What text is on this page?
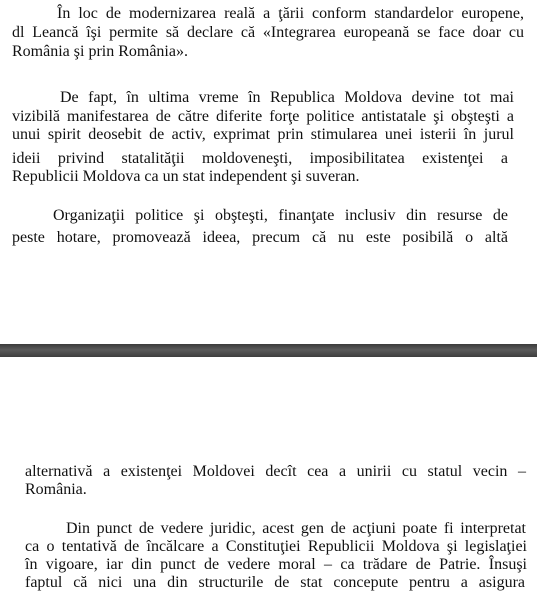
În loc de modernizarea reală a ţării conform standardelor europene,
dl Leancă îşi permite să declare că «Integrarea europeană se face doar cu
România şi prin România».
De fapt, în ultima vreme în Republica Moldova devine tot mai
vizibilă manifestarea de către diferite forţe politice antistatale şi obşteşti a
unui spirit deosebit de activ, exprimat prin stimularea unei isterii în jurul
ideii privind statalităţii moldoveneşti, imposibilitatea existenţei a
Republicii Moldova ca un stat independent şi suveran.
Organizaţii politice şi obşteşti, finanţate inclusiv din resurse de
peste hotare, promovează ideea, precum că nu este posibilă o altă
alternativă a existenţei Moldovei decît cea a unirii cu statul vecin –
România.
Din punct de vedere juridic, acest gen de acţiuni poate fi interpretat
ca o tentativă de încălcare a Constituţiei Republicii Moldova şi legislaţiei
în vigoare, iar din punct de vedere moral – ca trădare de Patrie. Însuşi
faptul că nici una din structurile de stat concepute pentru a asigura
